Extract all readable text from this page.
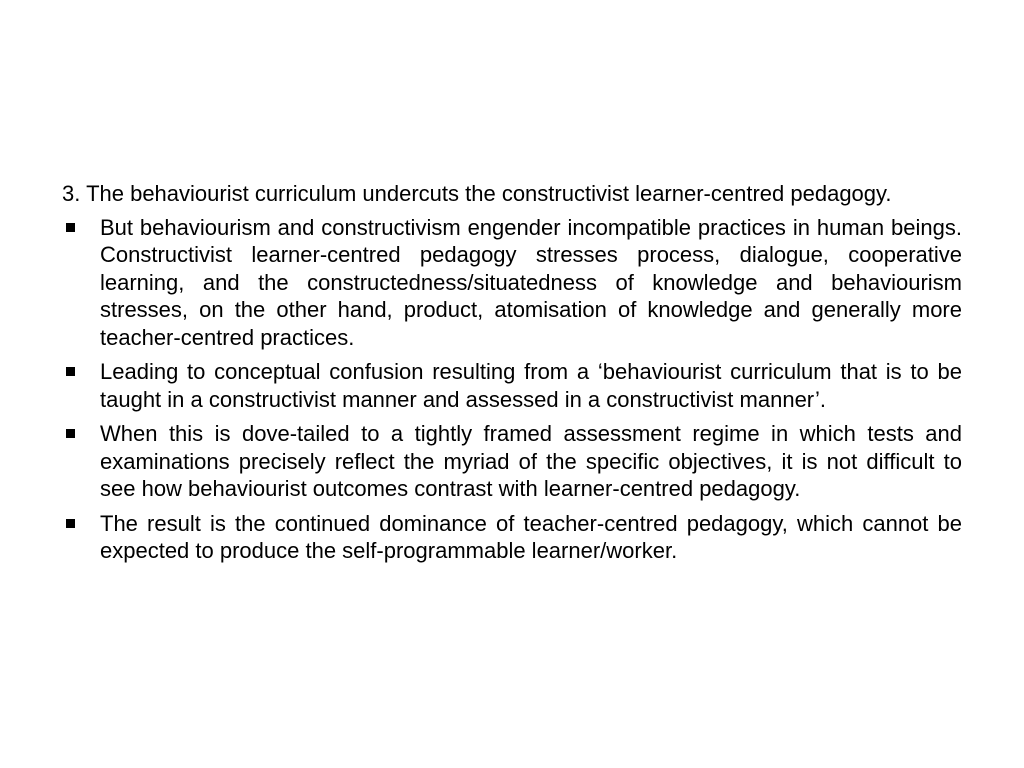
3. The behaviourist curriculum undercuts the constructivist learner-centred pedagogy.

But behaviourism and constructivism engender incompatible practices in human beings. Constructivist learner-centred pedagogy stresses process, dialogue, cooperative learning, and the constructedness/situatedness of knowledge and behaviourism stresses, on the other hand, product, atomisation of knowledge and generally more teacher-centred practices.
Leading to conceptual confusion resulting from a ‘behaviourist curriculum that is to be taught in a constructivist manner and assessed in a constructivist manner’.
When this is dove-tailed to a tightly framed assessment regime in which tests and examinations precisely reflect the myriad of the specific objectives, it is not difficult to see how behaviourist outcomes contrast with learner-centred pedagogy.
The result is the continued dominance of teacher-centred pedagogy, which cannot be expected to produce the self-programmable learner/worker.
